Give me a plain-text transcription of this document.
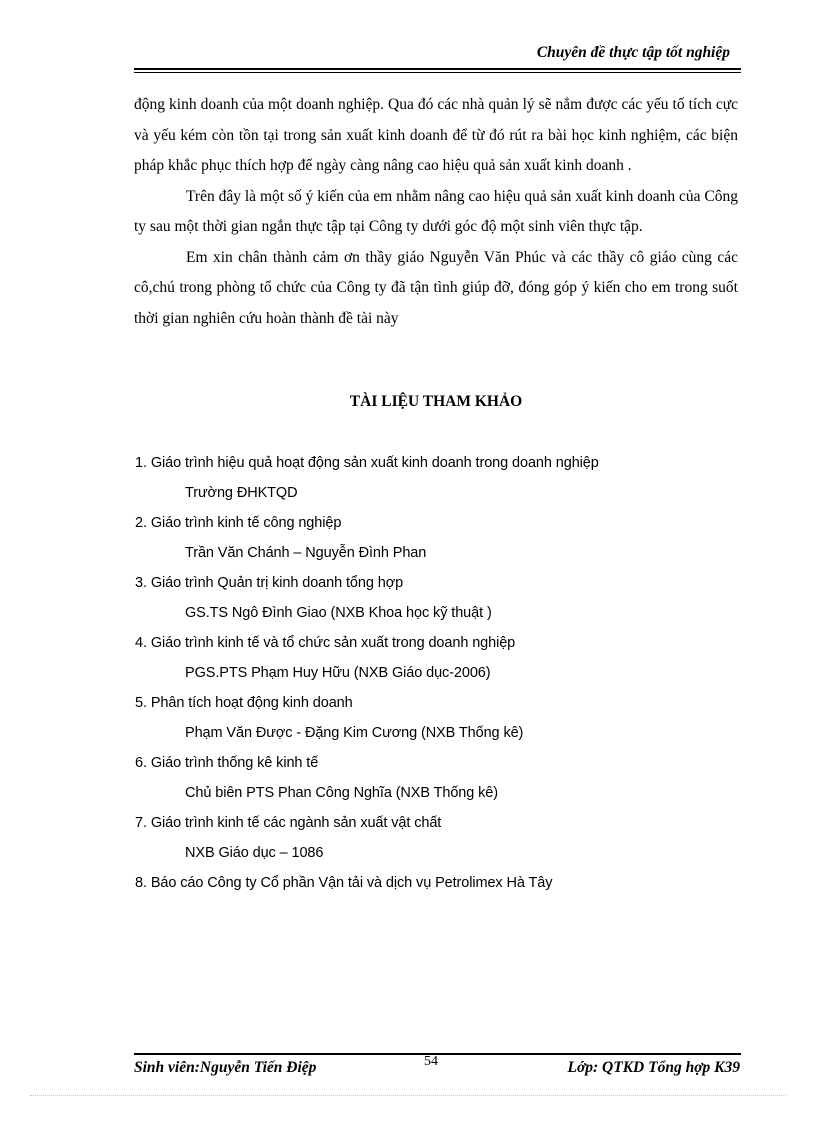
Chuyên đề thực tập tốt nghiệp

động kinh doanh của một doanh nghiệp. Qua đó các nhà quản lý sẽ nắm được các yếu tố tích cực và yếu kém còn tồn tại trong sản xuất kinh doanh để từ đó rút ra bài học kinh nghiệm, các biện pháp khắc phục thích hợp để ngày càng nâng cao hiệu quả sản xuất kinh doanh .

Trên đây là một số ý kiến của em nhằm nâng cao hiệu quả sản xuất kinh doanh của Công ty sau một thời gian ngắn thực tập tại Công ty dưới góc độ một sinh viên thực tập.

Em xin chân thành cảm ơn thầy giáo Nguyễn Văn Phúc và các thầy cô giáo cùng các cô,chú trong phòng tổ chức của Công ty đã tận tình giúp đỡ, đóng góp ý kiến cho em trong suốt thời gian nghiên cứu hoàn thành đề tài này

TÀI LIỆU THAM KHẢO
1. Giáo trình hiệu quả hoạt động sản xuất kinh doanh trong doanh nghiệp
Trường ĐHKTQD
2. Giáo trình kinh tế công nghiệp
Trần Văn Chánh – Nguyễn Đình Phan
3. Giáo trình Quản trị kinh doanh tổng hợp
GS.TS Ngô Đình Giao (NXB Khoa học kỹ thuật )
4. Giáo trình kinh tế và tổ chức sản xuất trong doanh nghiệp
PGS.PTS Phạm Huy Hữu (NXB Giáo dục-2006)
5. Phân tích hoạt động kinh doanh
Phạm Văn Được - Đặng Kim Cương (NXB Thống kê)
6. Giáo trình thống kê kinh tế
Chủ biên PTS Phan Công Nghĩa (NXB Thống kê)
7. Giáo trình kinh tế các ngành sản xuất vật chất
NXB Giáo dục – 1086
8. Báo cáo Công ty Cổ phần Vận tải và dịch vụ Petrolimex Hà Tây
Sinh viên:Nguyễn Tiến Điệp	54	Lớp: QTKD Tổng hợp K39
